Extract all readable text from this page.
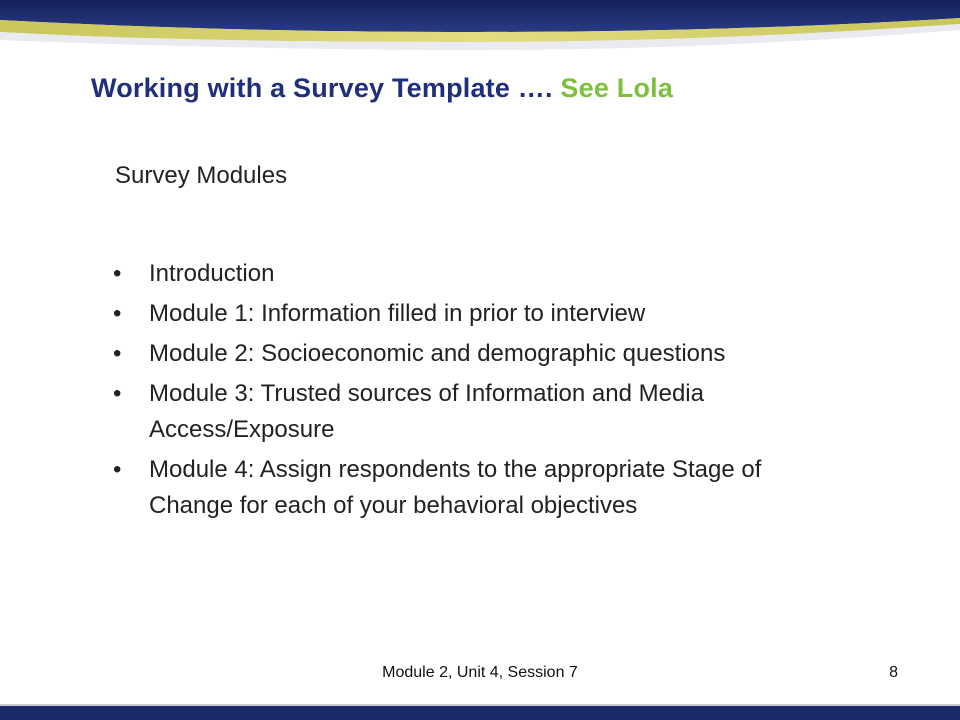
Working with a Survey Template …. See Lola

Survey Modules

• Introduction
• Module 1: Information filled in prior to interview
• Module 2: Socioeconomic and demographic questions
• Module 3: Trusted sources of Information and Media Access/Exposure
• Module 4: Assign respondents to the appropriate Stage of Change for each of your behavioral objectives
Module 2, Unit 4, Session 7	8
